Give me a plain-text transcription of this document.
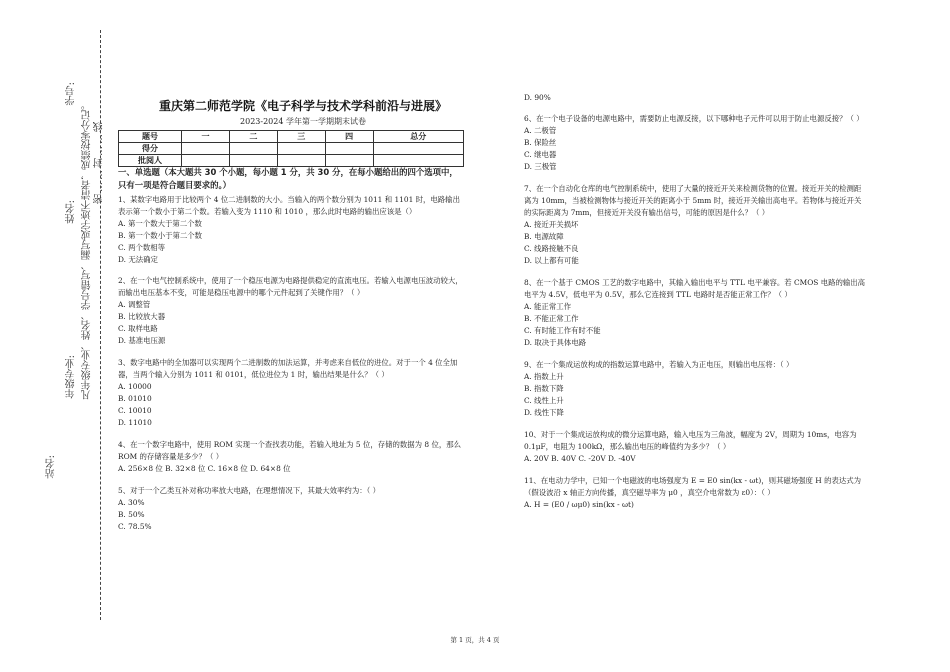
学号:
姓名:
年级专业:
站名:
凡年级专业、姓名、学号错写、漏写或字迹不清者，成绩按零分记。 密……封……线
重庆第二师范学院《电子科学与技术学科前沿与进展》
2023-2024 学年第一学期期末试卷
题号	一	二	三	四	总分
得分					
批阅人					

一、单选题（本大题共 30 个小题，每小题 1 分，共 30 分，在每小题给出的四个选项中，只有一项是符合题目要求的。）

1、某数字电路用于比较两个 4 位二进制数的大小。当输入的两个数分别为 1011 和 1101 时，电路输出表示第一个数小于第二个数。若输入变为 1110 和 1010 ，那么此时电路的输出应该是（）

A. 第一个数大于第二个数

B. 第一个数小于第二个数

C. 两个数相等

D. 无法确定

2、在一个电气控制系统中，使用了一个稳压电源为电路提供稳定的直流电压。若输入电源电压波动较大，而输出电压基本不变，可能是稳压电源中的哪个元件起到了关键作用？（ ）

A. 调整管

B. 比较放大器

C. 取样电路

D. 基准电压源

3、数字电路中的全加器可以实现两个二进制数的加法运算，并考虑来自低位的进位。对于一个 4 位全加器，当两个输入分别为 1011 和 0101，低位进位为 1 时，输出结果是什么？（ ）

A. 10000

B. 01010

C. 10010

D. 11010

4、在一个数字电路中，使用 ROM 实现一个查找表功能，若输入地址为 5 位，存储的数据为 8 位，那么 ROM 的存储容量是多少？（ ）

A. 256×8 位 B. 32×8 位 C. 16×8 位 D. 64×8 位

5、对于一个乙类互补对称功率放大电路，在理想情况下，其最大效率约为：（ ）

A. 30%

B. 50%

C. 78.5%

D. 90%

6、在一个电子设备的电源电路中，需要防止电源反接，以下哪种电子元件可以用于防止电源反接？（ ）

A. 二极管

B. 保险丝

C. 继电器

D. 三极管

7、在一个自动化仓库的电气控制系统中，使用了大量的接近开关来检测货物的位置。接近开关的检测距离为 10mm，当被检测物体与接近开关的距离小于 5mm 时，接近开关输出高电平。若物体与接近开关的实际距离为 7mm，但接近开关没有输出信号，可能的原因是什么？（ ）

A. 接近开关损坏

B. 电源故障

C. 线路接触不良

D. 以上都有可能

8、在一个基于 CMOS 工艺的数字电路中，其输入输出电平与 TTL 电平兼容。若 CMOS 电路的输出高电平为 4.5V，低电平为 0.5V，那么它连接到 TTL 电路时是否能正常工作？（ ）

A. 能正常工作

B. 不能正常工作

C. 有时能工作有时不能

D. 取决于具体电路

9、在一个集成运放构成的指数运算电路中，若输入为正电压，则输出电压将：（ ）

A. 指数上升

B. 指数下降

C. 线性上升

D. 线性下降

10、对于一个集成运放构成的微分运算电路，输入电压为三角波，幅度为 2V，周期为 10ms，电容为 0.1μF，电阻为 100kΩ，那么输出电压的峰值约为多少？（ ）

A. 20V B. 40V C. -20V D. -40V

11、在电动力学中，已知一个电磁波的电场强度为 E = E0 sin(kx - ωt)，则其磁场强度 H 的表达式为（假设波沿 x 轴正方向传播，真空磁导率为 μ0 ，真空介电常数为 ε0）：（ ）

A. H = (E0 / ωμ0) sin(kx - ωt)

第 1 页，共 4 页
